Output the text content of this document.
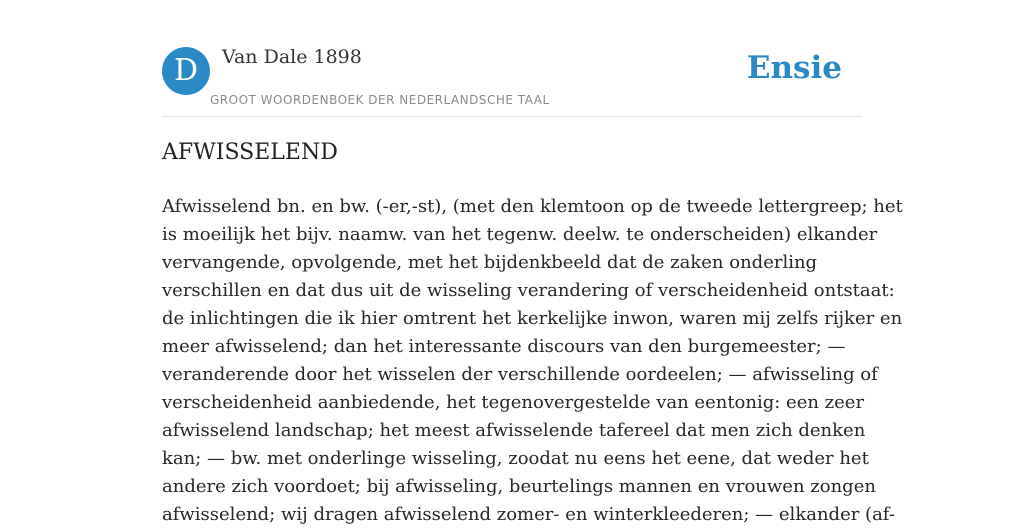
D	Van Dale 1898
GROOT WOORDENBOEK DER NEDERLANDSCHE TAAL
Ensie
AFWISSELEND
Afwisselend bn. en bw. (-er,-st), (met den klemtoon op de tweede lettergreep; het
is moeilijk het bijv. naamw. van het tegenw. deelw. te onderscheiden) elkander
vervangende, opvolgende, met het bijdenkbeeld dat de zaken onderling
verschillen en dat dus uit de wisseling verandering of verscheidenheid ontstaat:
de inlichtingen die ik hier omtrent het kerkelijke inwon, waren mij zelfs rijker en
meer afwisselend; dan het interessante discours van den burgemeester; —
veranderende door het wisselen der verschillende oordeelen; — afwisseling of
verscheidenheid aanbiedende, het tegenovergestelde van eentonig: een zeer
afwisselend landschap; het meest afwisselende tafereel dat men zich denken
kan; — bw. met onderlinge wisseling, zoodat nu eens het eene, dat weder het
andere zich voordoet; bij afwisseling, beurtelings mannen en vrouwen zongen
afwisselend; wij dragen afwisselend zomer- en winterkleederen; — elkander (af-
